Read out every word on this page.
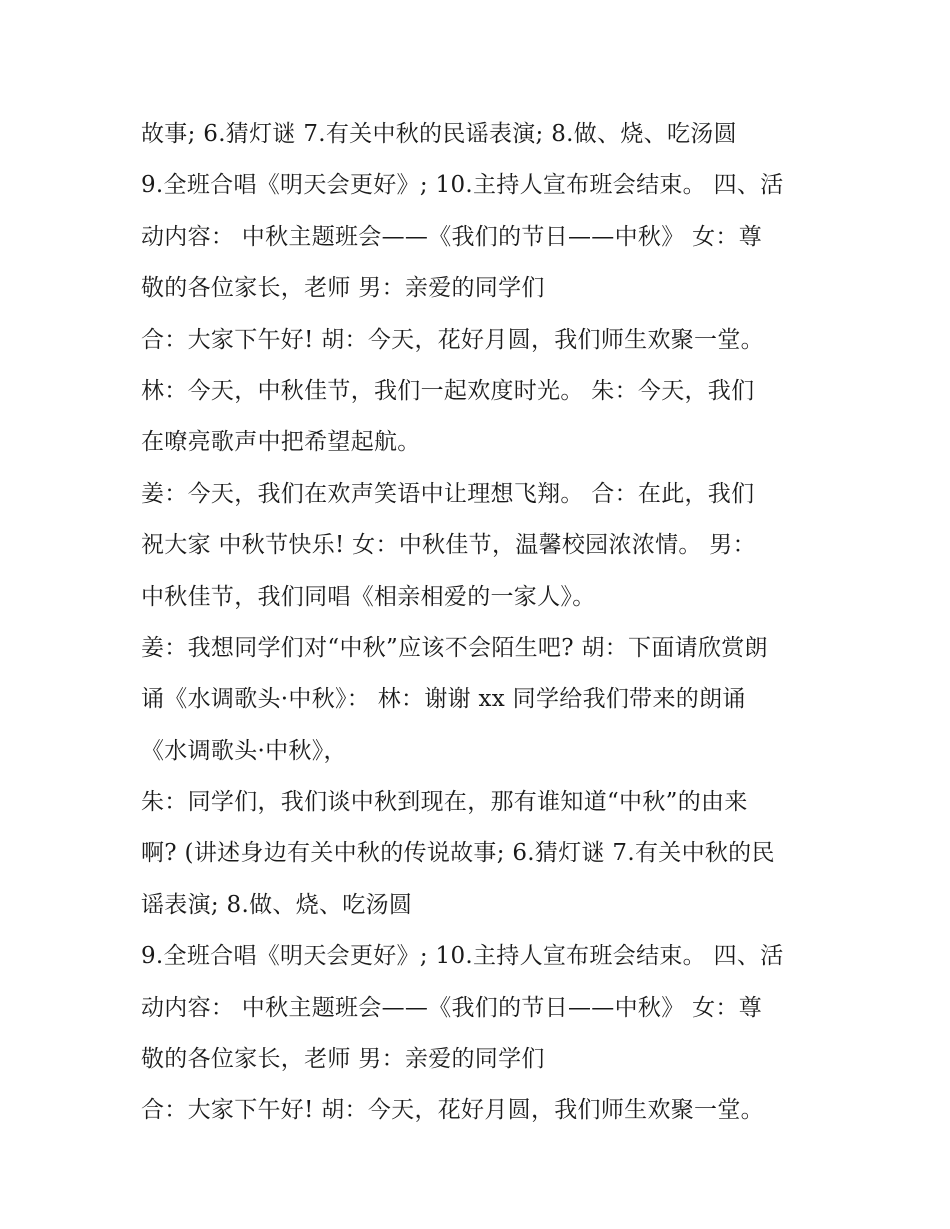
故事; 6.猜灯谜 7.有关中秋的民谣表演; 8.做、烧、吃汤圆
9.全班合唱《明天会更好》; 10.主持人宣布班会结束。 四、活
动内容： 中秋主题班会——《我们的节日——中秋》 女：尊
敬的各位家长，老师 男：亲爱的同学们
合：大家下午好! 胡：今天，花好月圆，我们师生欢聚一堂。
林：今天，中秋佳节，我们一起欢度时光。 朱：今天，我们
在嘹亮歌声中把希望起航。
姜：今天，我们在欢声笑语中让理想飞翔。 合：在此，我们
祝大家 中秋节快乐! 女：中秋佳节，温馨校园浓浓情。 男：
中秋佳节，我们同唱《相亲相爱的一家人》。
姜：我想同学们对“中秋”应该不会陌生吧? 胡：下面请欣赏朗
诵《水调歌头·中秋》： 林：谢谢 xx 同学给我们带来的朗诵
《水调歌头·中秋》，
朱：同学们，我们谈中秋到现在，那有谁知道“中秋”的由来
啊? (讲述身边有关中秋的传说故事; 6.猜灯谜 7.有关中秋的民
谣表演; 8.做、烧、吃汤圆
9.全班合唱《明天会更好》; 10.主持人宣布班会结束。 四、活
动内容： 中秋主题班会——《我们的节日——中秋》 女：尊
敬的各位家长，老师 男：亲爱的同学们
合：大家下午好! 胡：今天，花好月圆，我们师生欢聚一堂。
